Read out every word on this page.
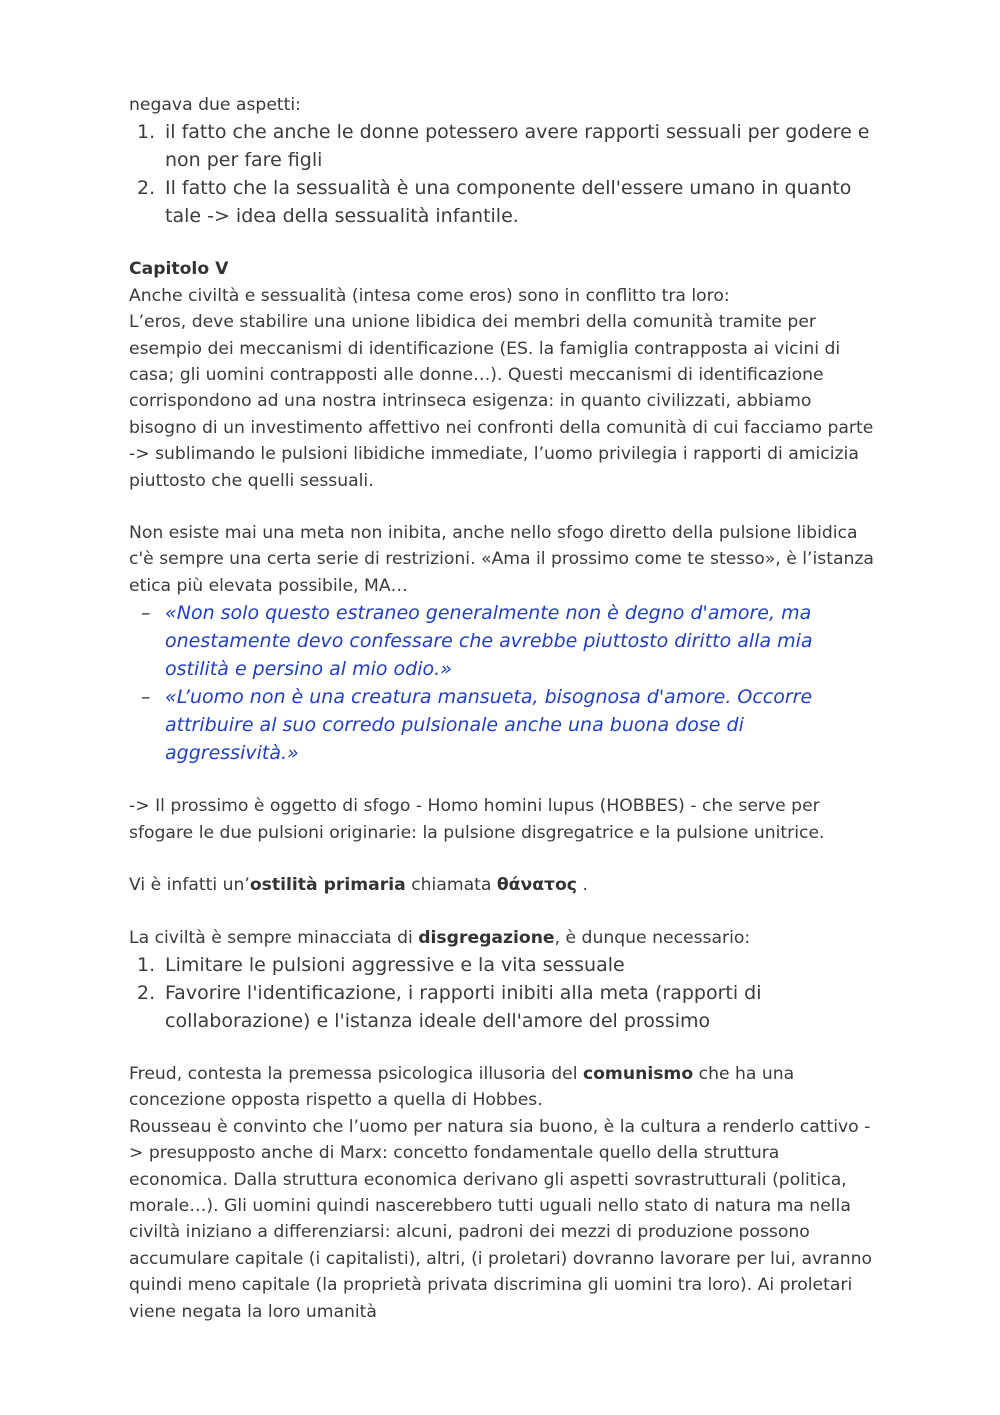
negava due aspetti:

1. il fatto che anche le donne potessero avere rapporti sessuali per godere e non per fare figli
2. Il fatto che la sessualità è una componente dell'essere umano in quanto tale -> idea della sessualità infantile.

Capitolo V

Anche civiltà e sessualità (intesa come eros) sono in conflitto tra loro:

L’eros, deve stabilire una unione libidica dei membri della comunità tramite per esempio dei meccanismi di identificazione (ES. la famiglia contrapposta ai vicini di casa; gli uomini contrapposti alle donne…). Questi meccanismi di identificazione corrispondono ad una nostra intrinseca esigenza: in quanto civilizzati, abbiamo bisogno di un investimento affettivo nei confronti della comunità di cui facciamo parte -> sublimando le pulsioni libidiche immediate, l’uomo privilegia i rapporti di amicizia piuttosto che quelli sessuali.

Non esiste mai una meta non inibita, anche nello sfogo diretto della pulsione libidica c'è sempre una certa serie di restrizioni. «Ama il prossimo come te stesso», è l’istanza etica più elevata possibile, MA…

– «Non solo questo estraneo generalmente non è degno d'amore, ma onestamente devo confessare che avrebbe piuttosto diritto alla mia ostilità e persino al mio odio.»
– «L’uomo non è una creatura mansueta, bisognosa d'amore. Occorre attribuire al suo corredo pulsionale anche una buona dose di aggressività.»

-> Il prossimo è oggetto di sfogo - Homo homini lupus (HOBBES) - che serve per sfogare le due pulsioni originarie: la pulsione disgregatrice e la pulsione unitrice.

Vi è infatti un’ostilità primaria chiamata θάνατος .

La civiltà è sempre minacciata di disgregazione, è dunque necessario:

1. Limitare le pulsioni aggressive e la vita sessuale
2. Favorire l'identificazione, i rapporti inibiti alla meta (rapporti di collaborazione) e l'istanza ideale dell'amore del prossimo

Freud, contesta la premessa psicologica illusoria del comunismo che ha una concezione opposta rispetto a quella di Hobbes.

Rousseau è convinto che l’uomo per natura sia buono, è la cultura a renderlo cattivo -> presupposto anche di Marx: concetto fondamentale quello della struttura economica. Dalla struttura economica derivano gli aspetti sovrastrutturali (politica, morale…). Gli uomini quindi nascerebbero tutti uguali nello stato di natura ma nella civiltà iniziano a differenziarsi: alcuni, padroni dei mezzi di produzione possono accumulare capitale (i capitalisti), altri, (i proletari) dovranno lavorare per lui, avranno quindi meno capitale (la proprietà privata discrimina gli uomini tra loro). Ai proletari viene negata la loro umanità
